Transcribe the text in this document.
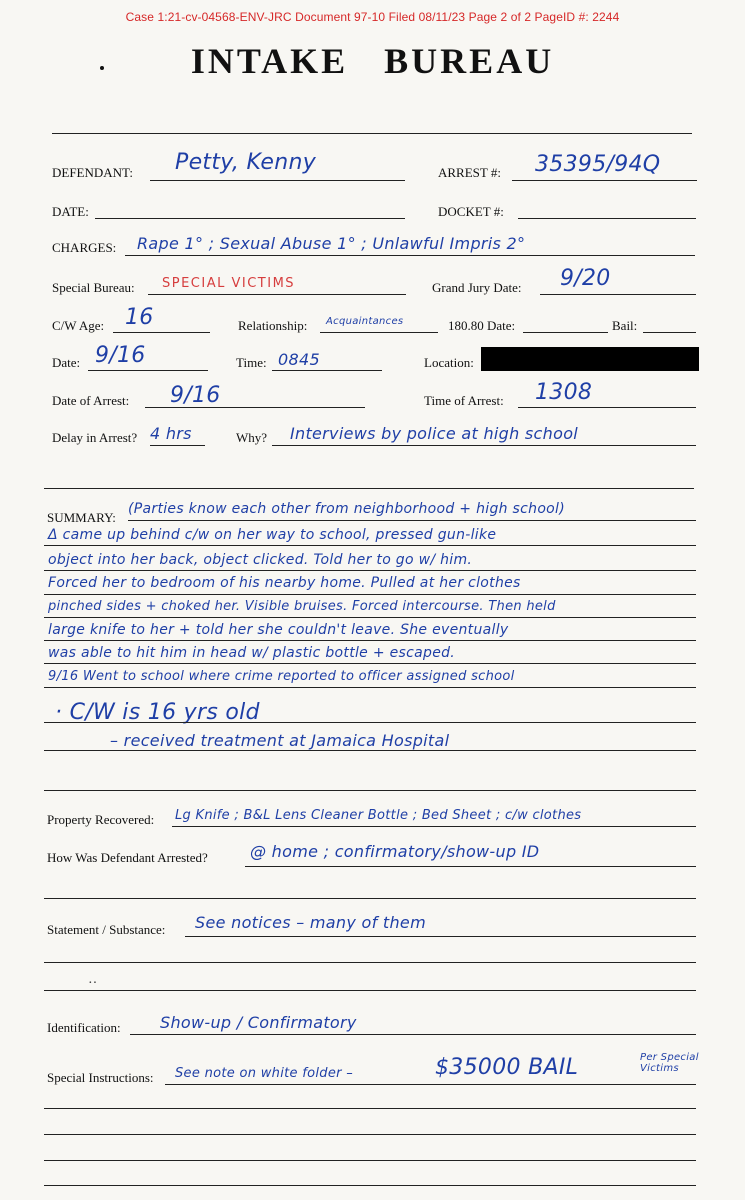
Case 1:21-cv-04568-ENV-JRC Document 97-10 Filed 08/11/23 Page 2 of 2 PageID #: 2244
INTAKE BUREAU
DEFENDANT: Petty, Kenny	ARREST #: 35395/94Q
DATE:	DOCKET #:
CHARGES: Rape 1° ; Sexual Abuse 1° ; Unlawful Impris 2°
Special Bureau: SPECIAL VICTIMS	Grand Jury Date: 9/20
C/W Age: 16	Relationship: Acquaintances	180.80 Date:	Bail:
Date: 9/16	Time: 0845	Location:
Date of Arrest: 9/16	Time of Arrest: 1308
Delay in Arrest? 4 hrs	Why? Interviews by police at high school
SUMMARY:
(Parties know each other from neighborhood + high school)
Δ came up behind c/w on her way to school, pressed gun-like
object into her back, object clicked. Told her to go w/ him.
Forced her to bedroom of his nearby home. Pulled at her clothes
pinched sides + choked her. Visible bruises. Forced intercourse. Then held
large knife to her + told her she couldn't leave. She eventually
was able to hit him in head w/ plastic bottle + escaped.
9/16 Went to school where crime reported to officer assigned school
· C/W is 16 yrs old
– received treatment at Jamaica Hospital
Property Recovered: Lg Knife ; B&L Lens Cleaner Bottle ; Bed Sheet ; c/w clothes
How Was Defendant Arrested?	@ home ; confirmatory/show-up ID
Statement / Substance: See notices – many of them
··
Identification: Show-up / Confirmatory
Special Instructions: See note on white folder –	$35000 BAIL	Per Special Victims
